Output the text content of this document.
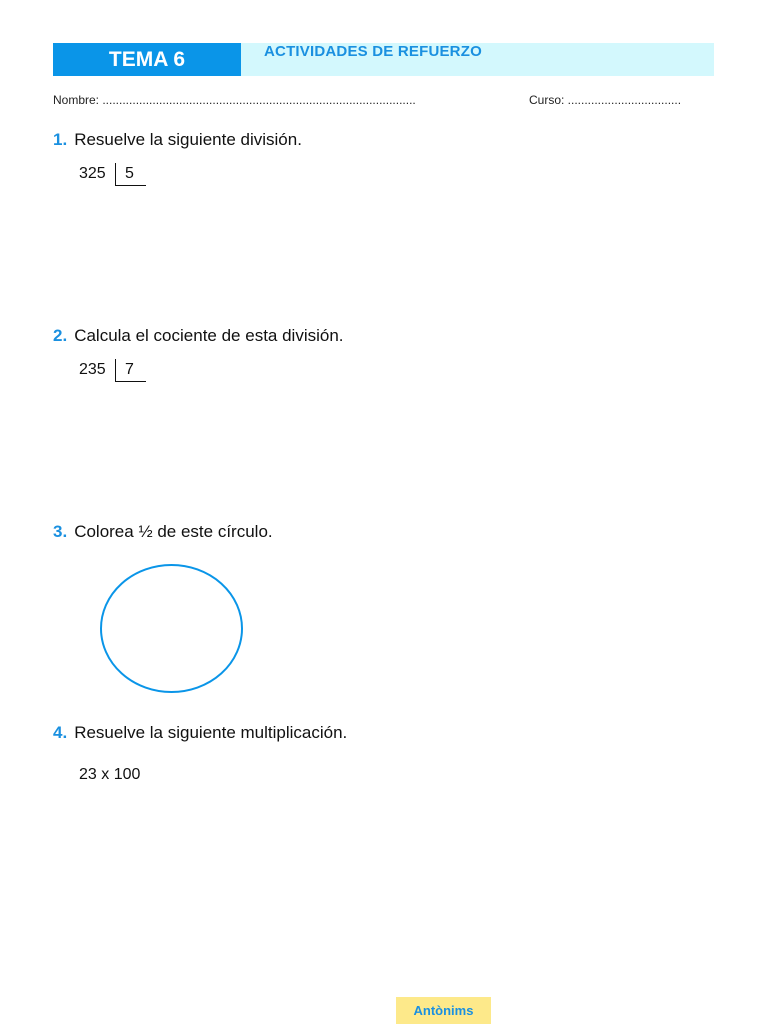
TEMA 6	ACTIVIDADES DE REFUERZO
Nombre: ..............................................................................................	Curso: ..................................
1. Resuelve la siguiente división.
325 5
2. Calcula el cociente de esta división.
235 7
3. Colorea ½ de este círculo.
4. Resuelve la siguiente multiplicación.
23 x 100
Antònims
